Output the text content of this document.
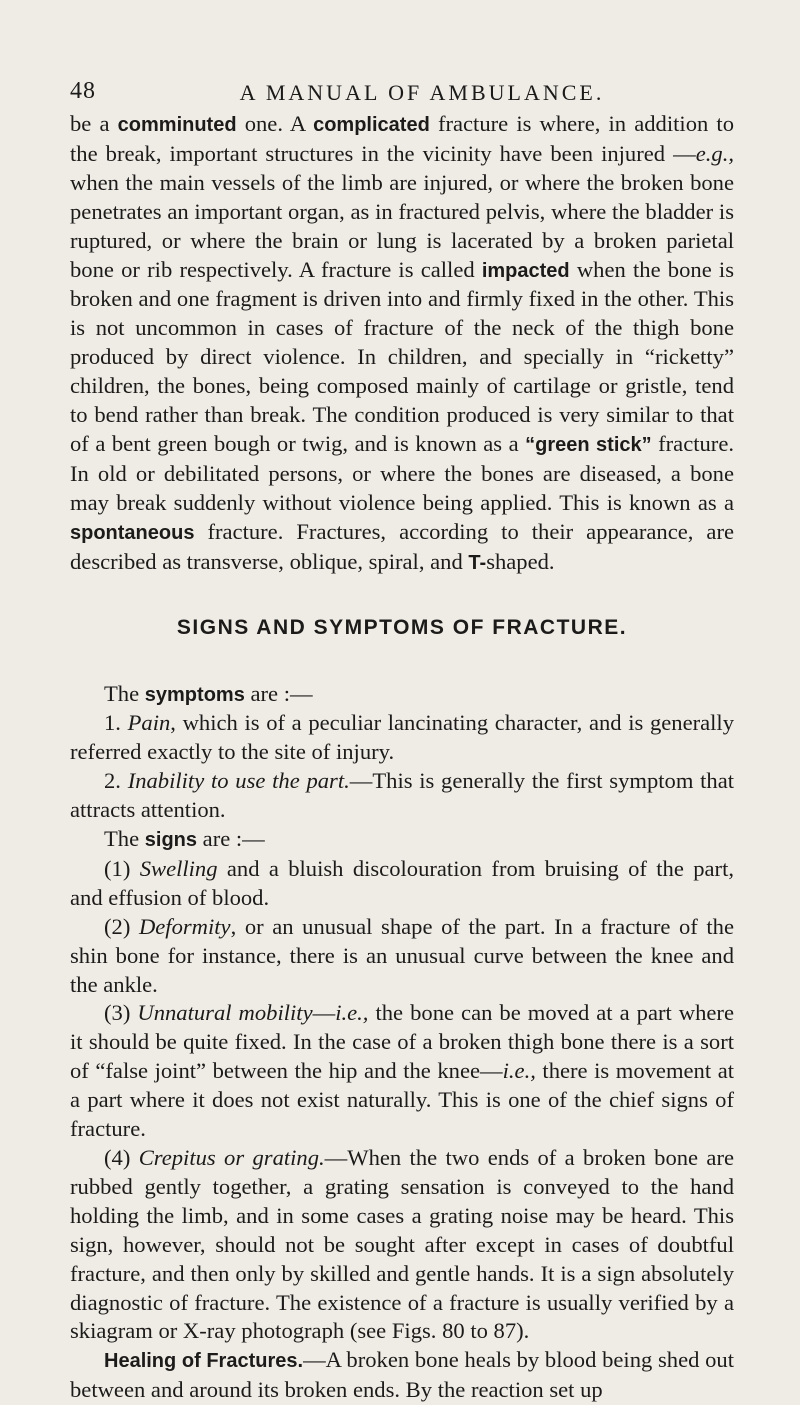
48	A MANUAL OF AMBULANCE.

be a comminuted one. A complicated fracture is where, in addition to the break, important structures in the vicinity have been injured —e.g., when the main vessels of the limb are injured, or where the broken bone penetrates an important organ, as in fractured pelvis, where the bladder is ruptured, or where the brain or lung is lacerated by a broken parietal bone or rib respectively. A fracture is called impacted when the bone is broken and one fragment is driven into and firmly fixed in the other. This is not uncommon in cases of fracture of the neck of the thigh bone produced by direct violence. In children, and specially in “ricketty” children, the bones, being composed mainly of cartilage or gristle, tend to bend rather than break. The condition produced is very similar to that of a bent green bough or twig, and is known as a “green stick” fracture. In old or debilitated persons, or where the bones are diseased, a bone may break suddenly without violence being applied. This is known as a spontaneous fracture. Fractures, according to their appearance, are described as transverse, oblique, spiral, and T-shaped.

SIGNS AND SYMPTOMS OF FRACTURE.

The symptoms are :—

1. Pain, which is of a peculiar lancinating character, and is generally referred exactly to the site of injury.

2. Inability to use the part.—This is generally the first symptom that attracts attention.

The signs are :—

(1) Swelling and a bluish discolouration from bruising of the part, and effusion of blood.

(2) Deformity, or an unusual shape of the part. In a fracture of the shin bone for instance, there is an unusual curve between the knee and the ankle.

(3) Unnatural mobility—i.e., the bone can be moved at a part where it should be quite fixed. In the case of a broken thigh bone there is a sort of “false joint” between the hip and the knee—i.e., there is movement at a part where it does not exist naturally. This is one of the chief signs of fracture.

(4) Crepitus or grating.—When the two ends of a broken bone are rubbed gently together, a grating sensation is conveyed to the hand holding the limb, and in some cases a grating noise may be heard. This sign, however, should not be sought after except in cases of doubtful fracture, and then only by skilled and gentle hands. It is a sign absolutely diagnostic of fracture. The existence of a fracture is usually verified by a skiagram or X-ray photograph (see Figs. 80 to 87).

Healing of Fractures.—A broken bone heals by blood being shed out between and around its broken ends. By the reaction set up
